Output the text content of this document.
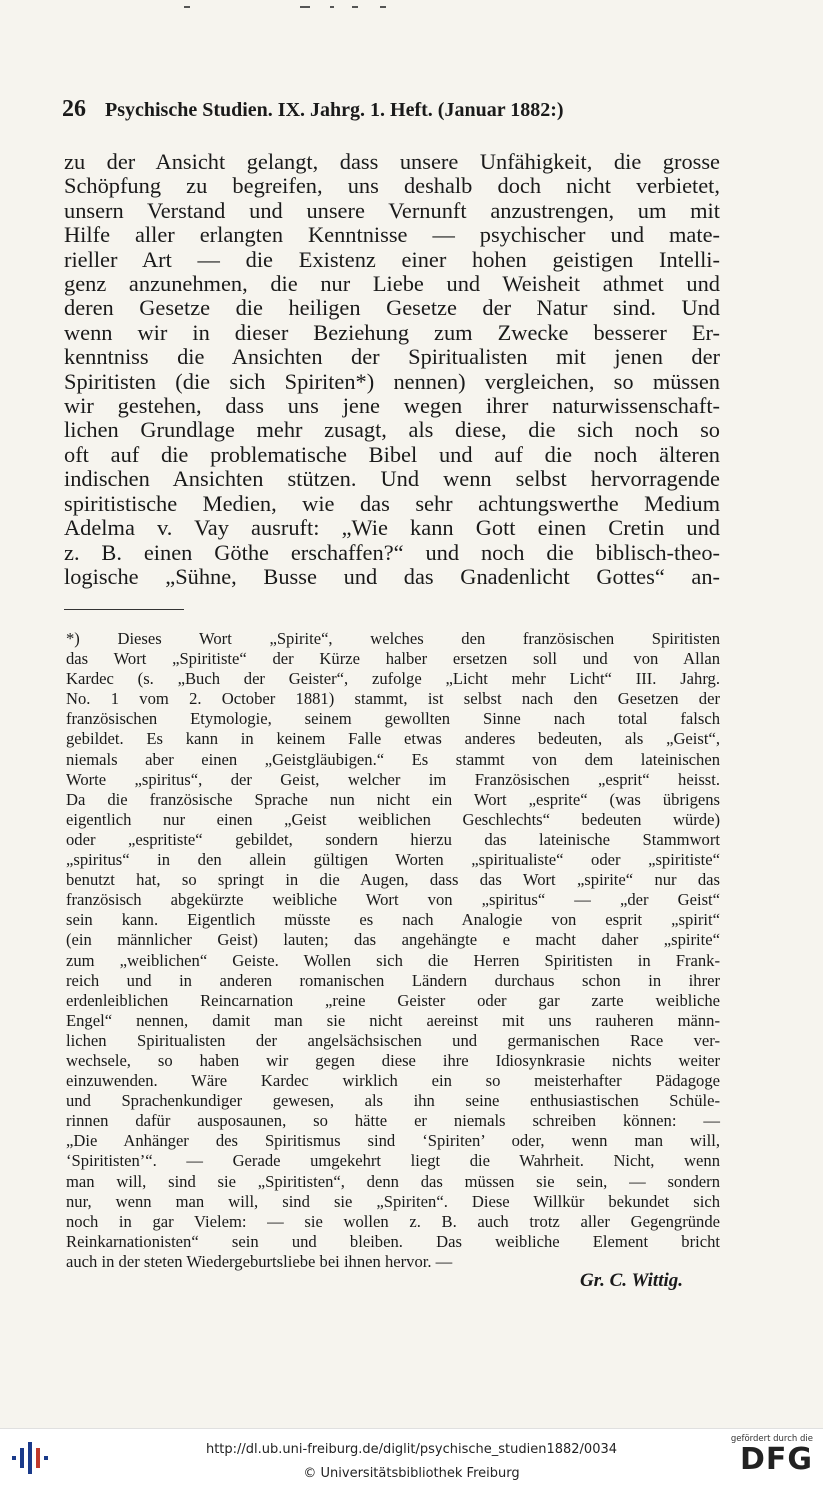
26 Psychische Studien. IX. Jahrg. 1. Heft. (Januar 1882:)
zu der Ansicht gelangt, dass unsere Unfähigkeit, die grosse
Schöpfung zu begreifen, uns deshalb doch nicht verbietet,
unsern Verstand und unsere Vernunft anzustrengen, um mit
Hilfe aller erlangten Kenntnisse — psychischer und mate-
rieller Art — die Existenz einer hohen geistigen Intelli-
genz anzunehmen, die nur Liebe und Weisheit athmet und
deren Gesetze die heiligen Gesetze der Natur sind. Und
wenn wir in dieser Beziehung zum Zwecke besserer Er-
kenntniss die Ansichten der Spiritualisten mit jenen der
Spiritisten (die sich Spiriten*) nennen) vergleichen, so müssen
wir gestehen, dass uns jene wegen ihrer naturwissenschaft-
lichen Grundlage mehr zusagt, als diese, die sich noch so
oft auf die problematische Bibel und auf die noch älteren
indischen Ansichten stützen. Und wenn selbst hervorragende
spiritistische Medien, wie das sehr achtungswerthe Medium
Adelma v. Vay ausruft: „Wie kann Gott einen Cretin und
z. B. einen Göthe erschaffen?“ und noch die biblisch-theo-
logische „Sühne, Busse und das Gnadenlicht Gottes“ an-
*) Dieses Wort „Spirite“, welches den französischen Spiritisten
das Wort „Spiritiste“ der Kürze halber ersetzen soll und von Allan
Kardec (s. „Buch der Geister“, zufolge „Licht mehr Licht“ III. Jahrg.
No. 1 vom 2. October 1881) stammt, ist selbst nach den Gesetzen der
französischen Etymologie, seinem gewollten Sinne nach total falsch
gebildet. Es kann in keinem Falle etwas anderes bedeuten, als „Geist“,
niemals aber einen „Geistgläubigen.“ Es stammt von dem lateinischen
Worte „spiritus“, der Geist, welcher im Französischen „esprit“ heisst.
Da die französische Sprache nun nicht ein Wort „esprite“ (was übrigens
eigentlich nur einen „Geist weiblichen Geschlechts“ bedeuten würde)
oder „espritiste“ gebildet, sondern hierzu das lateinische Stammwort
„spiritus“ in den allein gültigen Worten „spiritualiste“ oder „spiritiste“
benutzt hat, so springt in die Augen, dass das Wort „spirite“ nur das
französisch abgekürzte weibliche Wort von „spiritus“ — „der Geist“
sein kann. Eigentlich müsste es nach Analogie von esprit „spirit“
(ein männlicher Geist) lauten; das angehängte e macht daher „spirite“
zum „weiblichen“ Geiste. Wollen sich die Herren Spiritisten in Frank-
reich und in anderen romanischen Ländern durchaus schon in ihrer
erdenleiblichen Reincarnation „reine Geister oder gar zarte weibliche
Engel“ nennen, damit man sie nicht aereinst mit uns rauheren männ-
lichen Spiritualisten der angelsächsischen und germanischen Race ver-
wechsele, so haben wir gegen diese ihre Idiosynkrasie nichts weiter
einzuwenden. Wäre Kardec wirklich ein so meisterhafter Pädagoge
und Sprachenkundiger gewesen, als ihn seine enthusiastischen Schüle-
rinnen dafür ausposaunen, so hätte er niemals schreiben können: —
„Die Anhänger des Spiritismus sind ‘Spiriten’ oder, wenn man will,
‘Spiritisten’“. — Gerade umgekehrt liegt die Wahrheit. Nicht, wenn
man will, sind sie „Spiritisten“, denn das müssen sie sein, — sondern
nur, wenn man will, sind sie „Spiriten“. Diese Willkür bekundet sich
noch in gar Vielem: — sie wollen z. B. auch trotz aller Gegengründe
Reinkarnationisten“ sein und bleiben. Das weibliche Element bricht
auch in der steten Wiedergeburtsliebe bei ihnen hervor. —
Gr. C. Wittig.
http://dl.ub.uni-freiburg.de/diglit/psychische_studien1882/0034
© Universitätsbibliothek Freiburg
gefördert durch die
DFG
